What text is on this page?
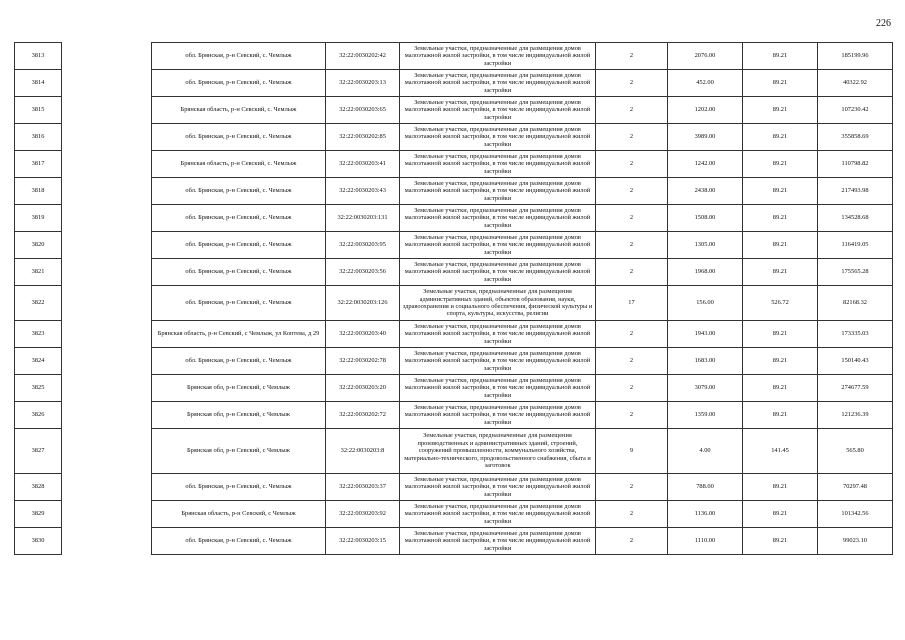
226
3813		обл. Брянская, р-н Севский, с. Чемлыж	32:22:0030202:42	Земельные участки, предназначенные для размещения домов малоэтажной жилой застройки, в том числе индивидуальной жилой застройки	2	2076.00	89.21	185199.96
3814		обл. Брянская, р-н Севский, с. Чемлыж	32:22:0030203:13	Земельные участки, предназначенные для размещения домов малоэтажной жилой застройки, в том числе индивидуальной жилой застройки	2	452.00	89.21	40322.92
3815		Брянская область, р-н Севский, с. Чемлыж	32:22:0030203:65	Земельные участки, предназначенные для размещения домов малоэтажной жилой застройки, в том числе индивидуальной жилой застройки	2	1202.00	89.21	107230.42
3816		обл. Брянская, р-н Севский, с. Чемлыж	32:22:0030202:85	Земельные участки, предназначенные для размещения домов малоэтажной жилой застройки, в том числе индивидуальной жилой застройки	2	3989.00	89.21	355858.69
3817		Брянская область, р-н Севский, с. Чемлыж	32:22:0030203:41	Земельные участки, предназначенные для размещения домов малоэтажной жилой застройки, в том числе индивидуальной жилой застройки	2	1242.00	89.21	110798.82
3818		обл. Брянская, р-н Севский, с. Чемлыж	32:22:0030203:43	Земельные участки, предназначенные для размещения домов малоэтажной жилой застройки, в том числе индивидуальной жилой застройки	2	2438.00	89.21	217493.98
3819		обл. Брянская, р-н Севский, с. Чемлыж	32:22:0030203:131	Земельные участки, предназначенные для размещения домов малоэтажной жилой застройки, в том числе индивидуальной жилой застройки	2	1508.00	89.21	134528.68
3820		обл. Брянская, р-н Севский, с. Чемлыж	32:22:0030203:95	Земельные участки, предназначенные для размещения домов малоэтажной жилой застройки, в том числе индивидуальной жилой застройки	2	1305.00	89.21	116419.05
3821		обл. Брянская, р-н Севский, с. Чемлыж	32:22:0030203:56	Земельные участки, предназначенные для размещения домов малоэтажной жилой застройки, в том числе индивидуальной жилой застройки	2	1968.00	89.21	175565.28
3822		обл. Брянская, р-н Севский, с. Чемлыж	32:22:0030203:126	Земельные участки, предназначенные для размещения административных зданий, объектов образования, науки, здравоохранения и социального обеспечения, физической культуры и спорта, культуры, искусства, религии	17	156.00	526.72	82168.32
3823		Брянская область, р-н Севский, с Чемлыж, ул Коптева, д 29	32:22:0030203:40	Земельные участки, предназначенные для размещения домов малоэтажной жилой застройки, в том числе индивидуальной жилой застройки	2	1943.00	89.21	173335.03
3824		обл. Брянская, р-н Севский, с. Чемлыж	32:22:0030202:78	Земельные участки, предназначенные для размещения домов малоэтажной жилой застройки, в том числе индивидуальной жилой застройки	2	1683.00	89.21	150140.43
3825		Брянская обл, р-н Севский, с Чемлыж	32:22:0030203:20	Земельные участки, предназначенные для размещения домов малоэтажной жилой застройки, в том числе индивидуальной жилой застройки	2	3079.00	89.21	274677.59
3826		Брянская обл, р-н Севский, с Чемлыж	32:22:0030202:72	Земельные участки, предназначенные для размещения домов малоэтажной жилой застройки, в том числе индивидуальной жилой застройки	2	1359.00	89.21	121236.39
3827		Брянская обл, р-н Севский, с Чемлыж	32:22:0030203:8	Земельные участки, предназначенные для размещения производственных и административных зданий, строений, сооружений промышленности, коммунального хозяйства, материально-технического, продовольственного снабжения, сбыта и заготовок	9	4.00	141.45	565.80
3828		обл. Брянская, р-н Севский, с. Чемлыж	32:22:0030203:37	Земельные участки, предназначенные для размещения домов малоэтажной жилой застройки, в том числе индивидуальной жилой застройки	2	788.00	89.21	70297.48
3829		Брянская область, р-н Севский, с Чемлыж	32:22:0030203:92	Земельные участки, предназначенные для размещения домов малоэтажной жилой застройки, в том числе индивидуальной жилой застройки	2	1136.00	89.21	101342.56
3830		обл. Брянская, р-н Севский, с. Чемлыж	32:22:0030203:15	Земельные участки, предназначенные для размещения домов малоэтажной жилой застройки, в том числе индивидуальной жилой застройки	2	1110.00	89.21	99023.10
